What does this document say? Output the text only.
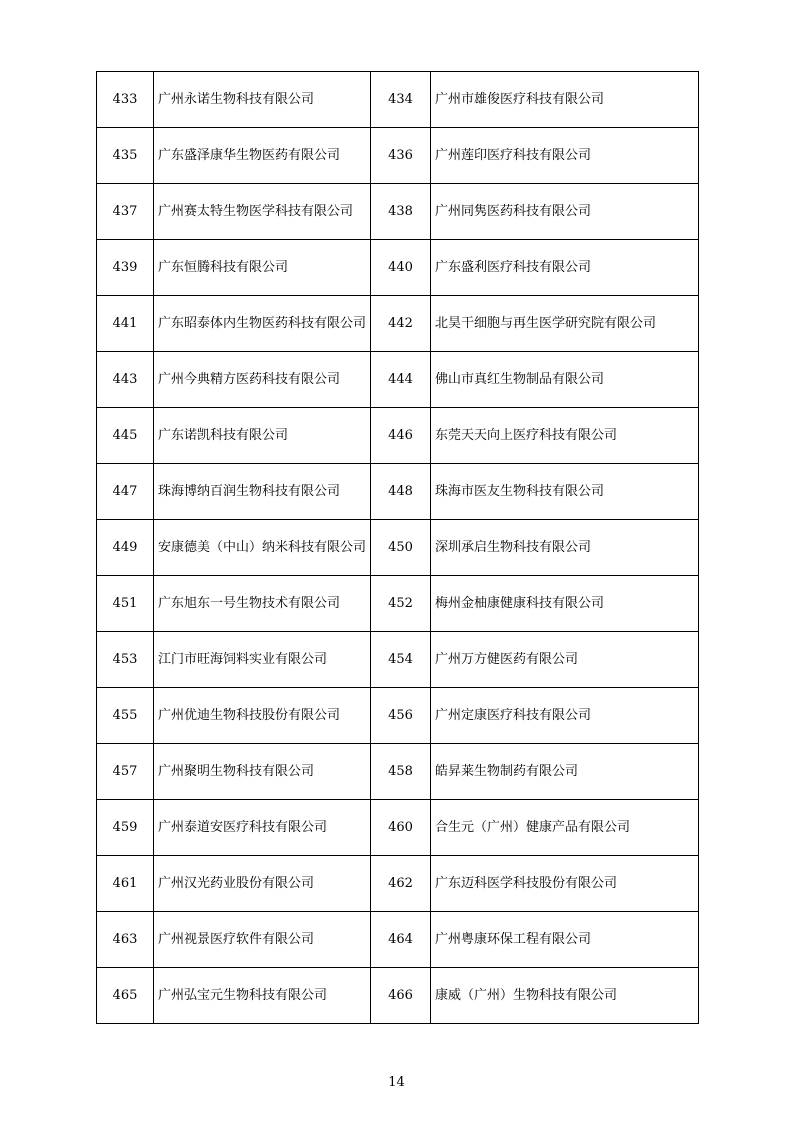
433	广州永诺生物科技有限公司	434	广州市雄俊医疗科技有限公司
435	广东盛泽康华生物医药有限公司	436	广州莲印医疗科技有限公司
437	广州赛太特生物医学科技有限公司	438	广州同隽医药科技有限公司
439	广东恒腾科技有限公司	440	广东盛利医疗科技有限公司
441	广东昭泰体内生物医药科技有限公司	442	北昊干细胞与再生医学研究院有限公司
443	广州今典精方医药科技有限公司	444	佛山市真红生物制品有限公司
445	广东诺凯科技有限公司	446	东莞天天向上医疗科技有限公司
447	珠海博纳百润生物科技有限公司	448	珠海市医友生物科技有限公司
449	安康德美（中山）纳米科技有限公司	450	深圳承启生物科技有限公司
451	广东旭东一号生物技术有限公司	452	梅州金柚康健康科技有限公司
453	江门市旺海饲料实业有限公司	454	广州万方健医药有限公司
455	广州优迪生物科技股份有限公司	456	广州定康医疗科技有限公司
457	广州聚明生物科技有限公司	458	皓昇莱生物制药有限公司
459	广州泰道安医疗科技有限公司	460	合生元（广州）健康产品有限公司
461	广州汉光药业股份有限公司	462	广东迈科医学科技股份有限公司
463	广州视景医疗软件有限公司	464	广州粤康环保工程有限公司
465	广州弘宝元生物科技有限公司	466	康威（广州）生物科技有限公司
14
